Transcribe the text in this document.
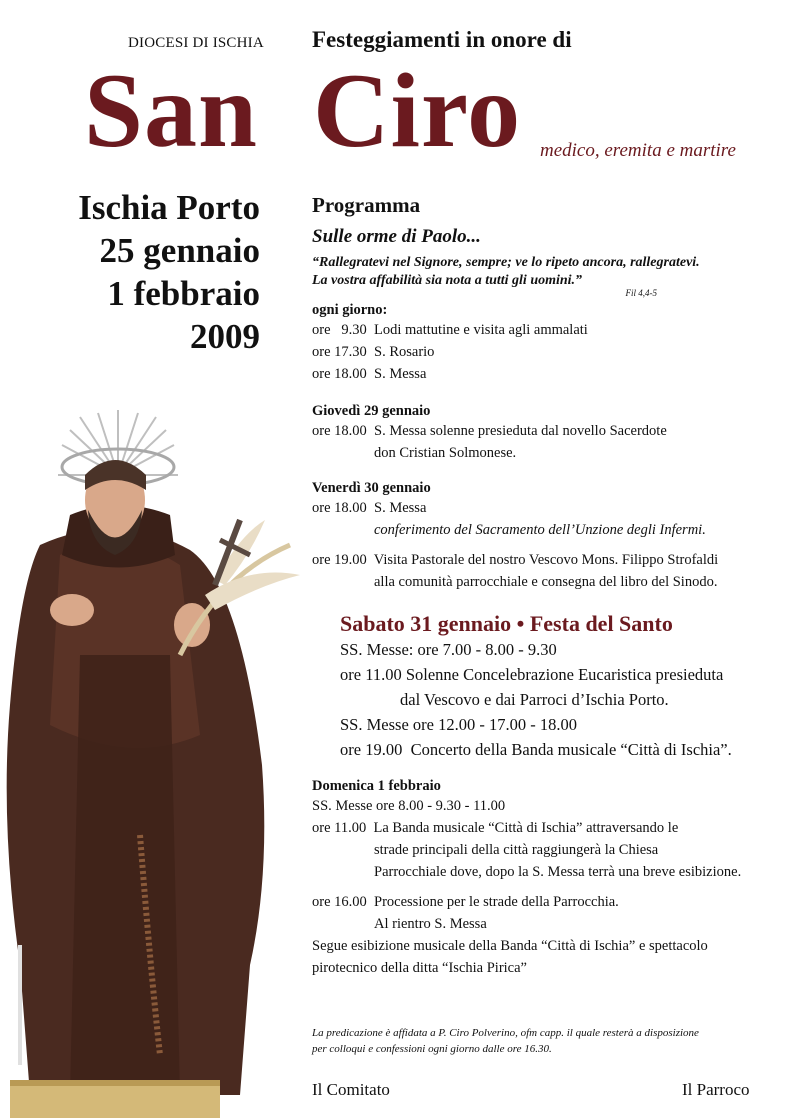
DIOCESI DI ISCHIA Festeggiamenti in onore di
San Ciro medico, eremita e martire
Ischia Porto
25 gennaio
1 febbraio
2009
Programma
Sulle orme di Paolo...
“Rallegratevi nel Signore, sempre; ve lo ripeto ancora, rallegratevi.
La vostra affabilità sia nota a tutti gli uomini.”
Fil 4,4-5
ogni giorno:
ore   9.30  Lodi mattutine e visita agli ammalati
ore 17.30  S. Rosario
ore 18.00  S. Messa
Giovedì 29 gennaio
ore 18.00  S. Messa solenne presieduta dal novello Sacerdote
don Cristian Solmonese.
Venerdì 30 gennaio
ore 18.00  S. Messa
conferimento del Sacramento dell’Unzione degli Infermi.
ore 19.00  Visita Pastorale del nostro Vescovo Mons. Filippo Strofaldi
alla comunità parrocchiale e consegna del libro del Sinodo.
Sabato 31 gennaio • Festa del Santo
SS. Messe: ore 7.00 - 8.00 - 9.30
ore 11.00 Solenne Concelebrazione Eucaristica presieduta
dal Vescovo e dai Parroci d’Ischia Porto.
SS. Messe ore 12.00 - 17.00 - 18.00
ore 19.00  Concerto della Banda musicale “Città di Ischia”.
Domenica 1 febbraio
SS. Messe ore 8.00 - 9.30 - 11.00
ore 11.00  La Banda musicale “Città di Ischia” attraversando le
strade principali della città raggiungerà la Chiesa
Parrocchiale dove, dopo la S. Messa terrà una breve esibizione.
ore 16.00  Processione per le strade della Parrocchia.
Al rientro S. Messa
Segue esibizione musicale della Banda “Città di Ischia” e spettacolo
pirotecnico della ditta “Ischia Pirica”
La predicazione è affidata a P. Ciro Polverino, ofm capp. il quale resterà a disposizione
per colloqui e confessioni ogni giorno dalle ore 16.30.
Il Comitato	Il Parroco
